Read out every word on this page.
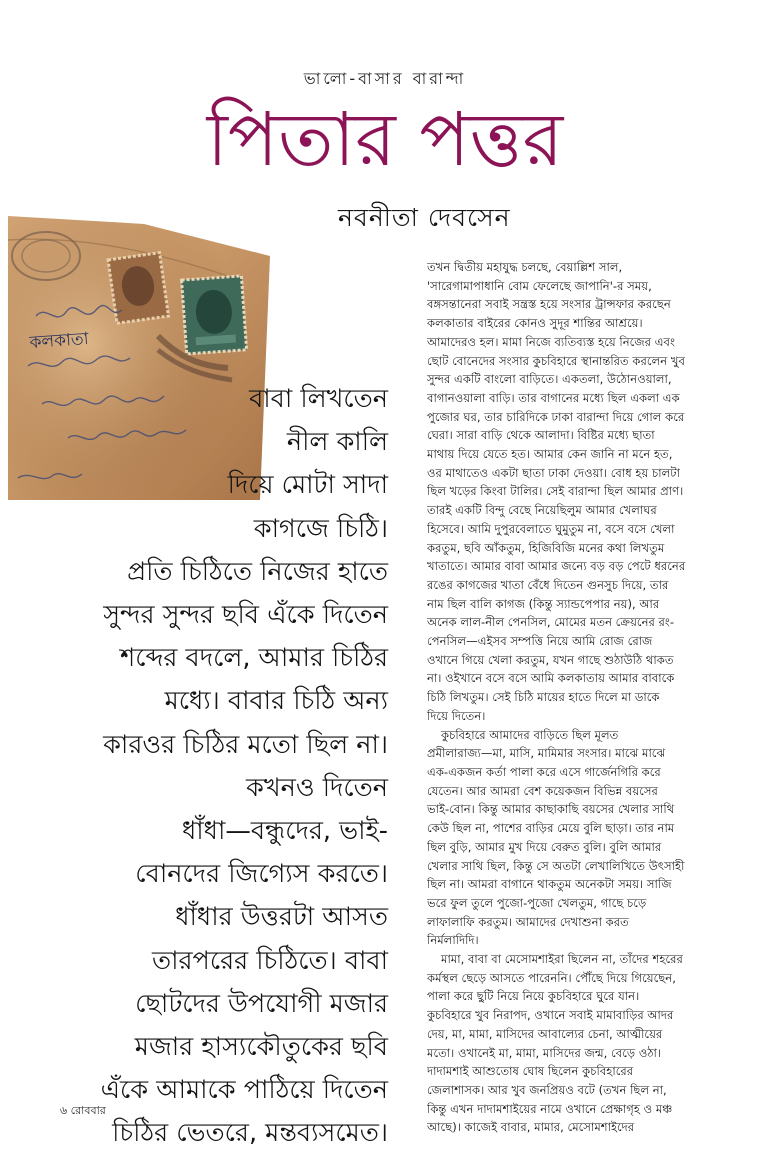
ভালো-বাসার বারান্দা
পিতার পত্তর
নবনীতা দেবসেন
কলকাতা
বাবা লিখতেন
নীল কালি
দিয়ে মোটা সাদা
কাগজে চিঠি।
প্রতি চিঠিতে নিজের হাতে
সুন্দর সুন্দর ছবি এঁকে দিতেন
শব্দের বদলে, আমার চিঠির
মধ্যে। বাবার চিঠি অন্য
কারওর চিঠির মতো ছিল না।
কখনও দিতেন
ধাঁধা—বন্ধুদের, ভাই-
বোনদের জিগ্যেস করতে।
ধাঁধার উত্তরটা আসত
তারপরের চিঠিতে। বাবা
ছোটদের উপযোগী মজার
মজার হাস্যকৌতুকের ছবি
এঁকে আমাকে পাঠিয়ে দিতেন
চিঠির ভেতরে, মন্তব্যসমেত।
তখন দ্বিতীয় মহাযুদ্ধ চলছে, বেয়াল্লিশ সাল,
'সারেগামাপাধানি বোম ফেলেছে জাপানি'-র সময়,
বঙ্গসন্তানেরা সবাই সন্ত্রস্ত হয়ে সংসার ট্রান্সফার করছেন
কলকাতার বাইরের কোনও সুদূর শান্তির আশ্রয়ে।
আমাদেরও হল। মামা নিজে ব্যতিব্যস্ত হয়ে নিজের এবং
ছোট বোনেদের সংসার কুচবিহারে স্থানান্তরিত করলেন খুব
সুন্দর একটি বাংলো বাড়িতে। একতলা, উঠোনওয়ালা,
বাগানওয়ালা বাড়ি। তার বাগানের মধ্যে ছিল একলা এক
পুজোর ঘর, তার চারিদিকে ঢাকা বারান্দা দিয়ে গোল করে
ঘেরা। সারা বাড়ি থেকে আলাদা। বিষ্টির মধ্যে ছাতা
মাথায় দিয়ে যেতে হত। আমার কেন জানি না মনে হত,
ওর মাথাতেও একটা ছাতা ঢাকা দেওয়া। বোধ হয় চালটা
ছিল খড়ের কিংবা টালির। সেই বারান্দা ছিল আমার প্রাণ।
তারই একটি বিন্দু বেছে নিয়েছিলুম আমার খেলাঘর
হিসেবে। আমি দুপুরবেলাতে ঘুমুতুম না, বসে বসে খেলা
করতুম, ছবি আঁকতুম, হিজিবিজি মনের কথা লিখতুম
খাতাতে। আমার বাবা আমার জন্যে বড় বড় পেটে ধরনের
রঙের কাগজের খাতা বেঁধে দিতেন গুনসুচ দিয়ে, তার
নাম ছিল বালি কাগজ (কিন্তু স্যান্ডপেপার নয়), আর
অনেক লাল-নীল পেনসিল, মোমের মতন ক্রেয়নের রং-
পেনসিল—এইসব সম্পত্তি নিয়ে আমি রোজ রোজ
ওখানে গিয়ে খেলা করতুম, যখন গাছে শুঠাউঠি থাকত
না। ওইখানে বসে বসে আমি কলকাতায় আমার বাবাকে
চিঠি লিখতুম। সেই চিঠি মায়ের হাতে দিলে মা ডাকে
দিয়ে দিতেন।
কুচবিহারে আমাদের বাড়িতে ছিল মূলত
প্রমীলারাজ্য—মা, মাসি, মামিমার সংসার। মাঝে মাঝে
এক-একজন কর্তা পালা করে এসে গার্জেনগিরি করে
যেতেন। আর আমরা বেশ কয়েকজন বিভিন্ন বয়সের
ভাই-বোন। কিন্তু আমার কাছাকাছি বয়সের খেলার সাথি
কেউ ছিল না, পাশের বাড়ির মেয়ে বুলি ছাড়া। তার নাম
ছিল বুড়ি, আমার মুখ দিয়ে বেরুত বুলি। বুলি আমার
খেলার সাথি ছিল, কিন্তু সে অতটা লেখালিখিতে উৎসাহী
ছিল না। আমরা বাগানে থাকতুম অনেকটা সময়। সাজি
ভরে ফুল তুলে পুজো-পুজো খেলতুম, গাছে চড়ে
লাফালাফি করতুম। আমাদের দেখাশুনা করত
নির্মলাদিদি।
মামা, বাবা বা মেসোমশাইরা ছিলেন না, তাঁদের শহরের
কর্মস্থল ছেড়ে আসতে পারেননি। পৌঁছে দিয়ে গিয়েছেন,
পালা করে ছুটি নিয়ে নিয়ে কুচবিহারে ঘুরে যান।
কুচবিহারে খুব নিরাপদ, ওখানে সবাই মামাবাড়ির আদর
দেয়, মা, মামা, মাসিদের আবাল্যের চেনা, আত্মীয়ের
মতো। ওখানেই মা, মামা, মাসিদের জন্ম, বেড়ে ওঠা।
দাদামশাই আশুতোষ ঘোষ ছিলেন কুচবিহারের
জেলাশাসক। আর খুব জনপ্রিয়ও বটে (তখন ছিল না,
কিন্তু এখন দাদামশাইয়ের নামে ওখানে প্রেক্ষাগৃহ ও মঞ্চ
আছে)। কাজেই বাবার, মামার, মেসোমশাইদের
৬ রোববার
